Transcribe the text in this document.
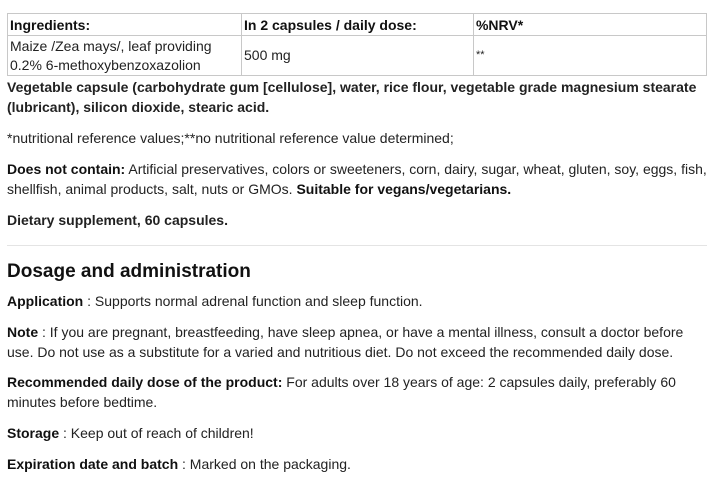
Ingredients:	In 2 capsules / daily dose:	%NRV*
Maize /Zea mays/, leaf providing
0.2% 6-methoxybenzoxazolion	500 mg	**

Vegetable capsule (carbohydrate gum [cellulose], water, rice flour, vegetable grade magnesium stearate (lubricant), silicon dioxide, stearic acid.

*nutritional reference values;**no nutritional reference value determined;

Does not contain: Artificial preservatives, colors or sweeteners, corn, dairy, sugar, wheat, gluten, soy, eggs, fish, shellfish, animal products, salt, nuts or GMOs. Suitable for vegans/vegetarians.

Dietary supplement, 60 capsules.

Dosage and administration

Application : Supports normal adrenal function and sleep function.

Note : If you are pregnant, breastfeeding, have sleep apnea, or have a mental illness, consult a doctor before use. Do not use as a substitute for a varied and nutritious diet. Do not exceed the recommended daily dose.

Recommended daily dose of the product: For adults over 18 years of age: 2 capsules daily, preferably 60 minutes before bedtime.

Storage : Keep out of reach of children!

Expiration date and batch : Marked on the packaging.
